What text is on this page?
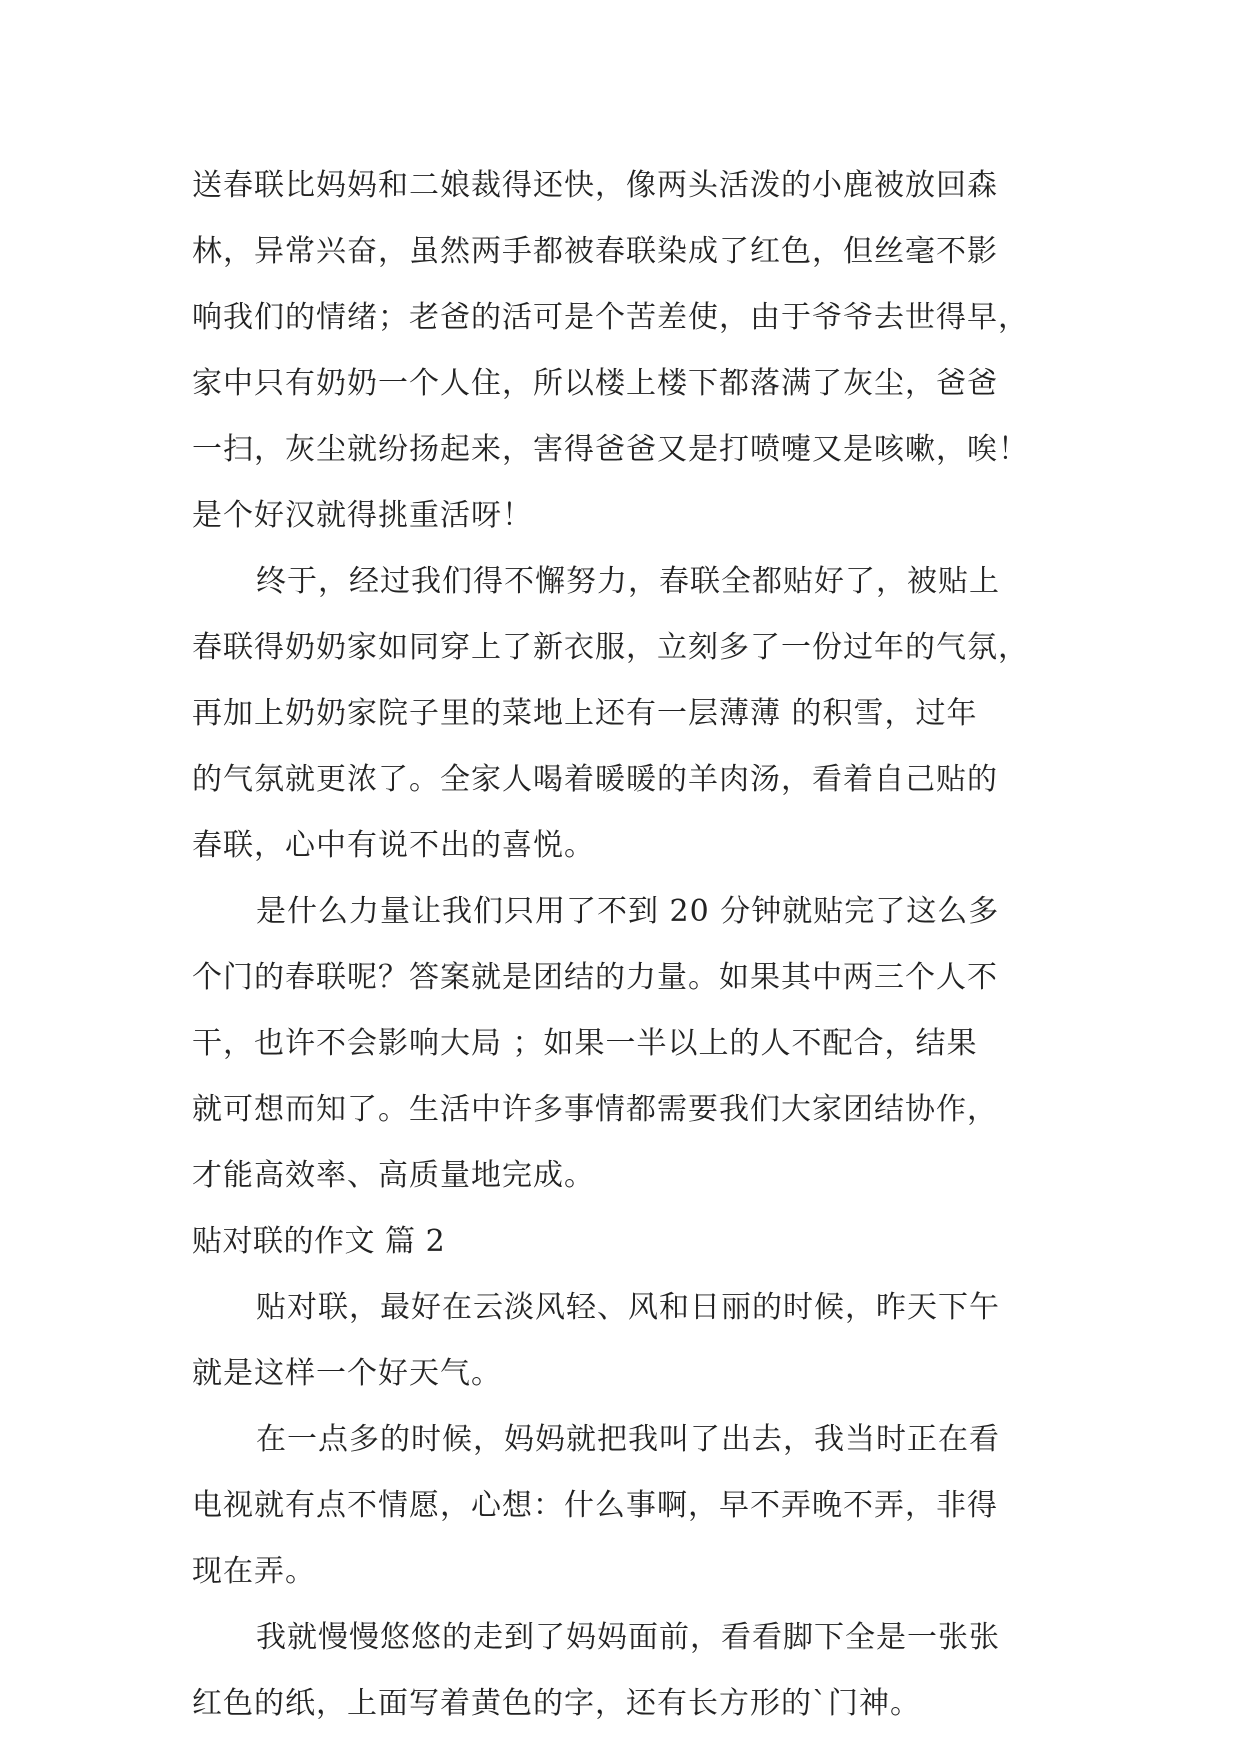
送春联比妈妈和二娘裁得还快，像两头活泼的小鹿被放回森

林，异常兴奋，虽然两手都被春联染成了红色，但丝毫不影

响我们的情绪；老爸的活可是个苦差使，由于爷爷去世得早，

家中只有奶奶一个人住，所以楼上楼下都落满了灰尘，爸爸

一扫，灰尘就纷扬起来，害得爸爸又是打喷嚏又是咳嗽，唉！

是个好汉就得挑重活呀！

终于，经过我们得不懈努力，春联全都贴好了，被贴上

春联得奶奶家如同穿上了新衣服，立刻多了一份过年的气氛，

再加上奶奶家院子里的菜地上还有一层薄薄 的积雪，过年

的气氛就更浓了。全家人喝着暖暖的羊肉汤，看着自己贴的

春联，心中有说不出的喜悦。

是什么力量让我们只用了不到 20 分钟就贴完了这么多

个门的春联呢？答案就是团结的力量。如果其中两三个人不

干，也许不会影响大局 ；如果一半以上的人不配合，结果

就可想而知了。生活中许多事情都需要我们大家团结协作，

才能高效率、高质量地完成。

贴对联的作文 篇 2

贴对联，最好在云淡风轻、风和日丽的时候，昨天下午

就是这样一个好天气。

在一点多的时候，妈妈就把我叫了出去，我当时正在看

电视就有点不情愿，心想：什么事啊，早不弄晚不弄，非得

现在弄。

我就慢慢悠悠的走到了妈妈面前，看看脚下全是一张张

红色的纸，上面写着黄色的字，还有长方形的`门神。
